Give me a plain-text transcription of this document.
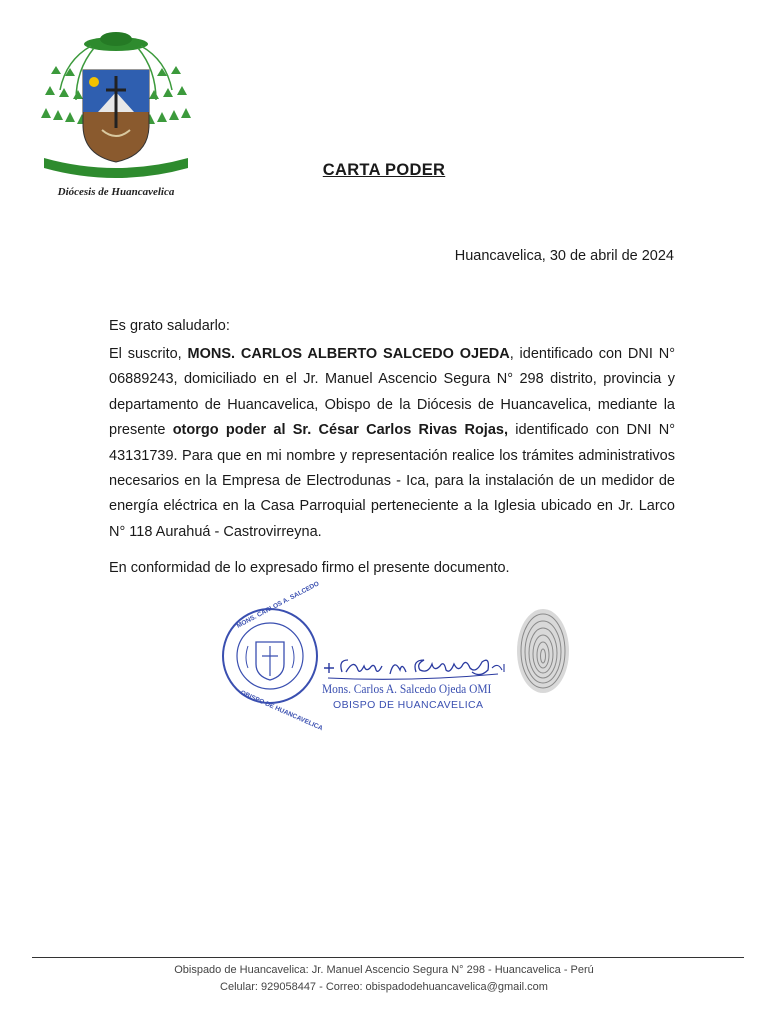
Diócesis de Huancavelica
CARTA PODER
Huancavelica, 30 de abril de 2024
Es grato saludarlo:
El suscrito, MONS. CARLOS ALBERTO SALCEDO OJEDA, identificado con DNI N° 06889243, domiciliado en el Jr. Manuel Ascencio Segura N° 298 distrito, provincia y departamento de Huancavelica, Obispo de la Diócesis de Huancavelica, mediante la presente otorgo poder al Sr. César Carlos Rivas Rojas, identificado con DNI N° 43131739. Para que en mi nombre y representación realice los trámites administrativos necesarios en la Empresa de Electrodunas - Ica, para la instalación de un medidor de energía eléctrica en la Casa Parroquial perteneciente a la Iglesia ubicado en Jr. Larco N° 118 Aurahuá - Castrovirreyna.
En conformidad de lo expresado firmo el presente documento.
MONS. CARLOS A. SALCEDO
OBISPO DE HUANCAVELICA
Mons. Carlos A. Salcedo Ojeda OMI
OBISPO DE HUANCAVELICA
Obispado de Huancavelica: Jr. Manuel Ascencio Segura N° 298 - Huancavelica - Perú
Celular: 929058447 - Correo: obispadodehuancavelica@gmail.com
